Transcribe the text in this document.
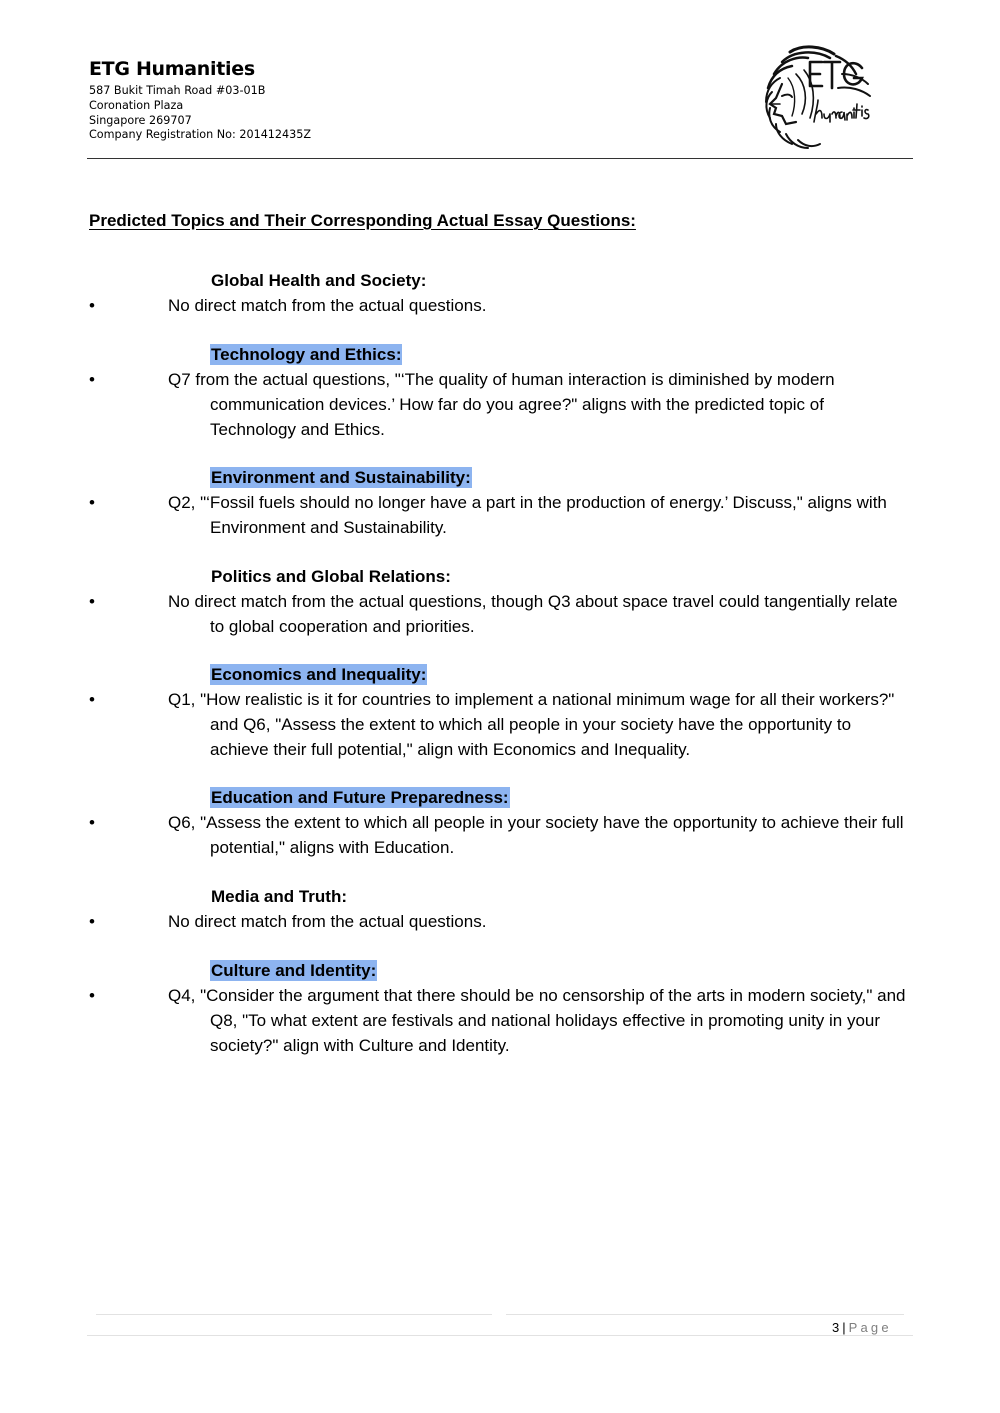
ETG Humanities
587 Bukit Timah Road #03-01B
Coronation Plaza
Singapore 269707
Company Registration No: 201412435Z
Predicted Topics and Their Corresponding Actual Essay Questions:
Global Health and Society:
•	No direct match from the actual questions.
Technology and Ethics:
•	Q7 from the actual questions, "‘The quality of human interaction is diminished by modern communication devices.’ How far do you agree?" aligns with the predicted topic of Technology and Ethics.
Environment and Sustainability:
•	Q2, "‘Fossil fuels should no longer have a part in the production of energy.’ Discuss," aligns with Environment and Sustainability.
Politics and Global Relations:
•	No direct match from the actual questions, though Q3 about space travel could tangentially relate to global cooperation and priorities.
Economics and Inequality:
•	Q1, "How realistic is it for countries to implement a national minimum wage for all their workers?" and Q6, "Assess the extent to which all people in your society have the opportunity to achieve their full potential," align with Economics and Inequality.
Education and Future Preparedness:
•	Q6, "Assess the extent to which all people in your society have the opportunity to achieve their full potential," aligns with Education.
Media and Truth:
•	No direct match from the actual questions.
Culture and Identity:
•	Q4, "Consider the argument that there should be no censorship of the arts in modern society," and Q8, "To what extent are festivals and national holidays effective in promoting unity in your society?" align with Culture and Identity.
3 | Page
